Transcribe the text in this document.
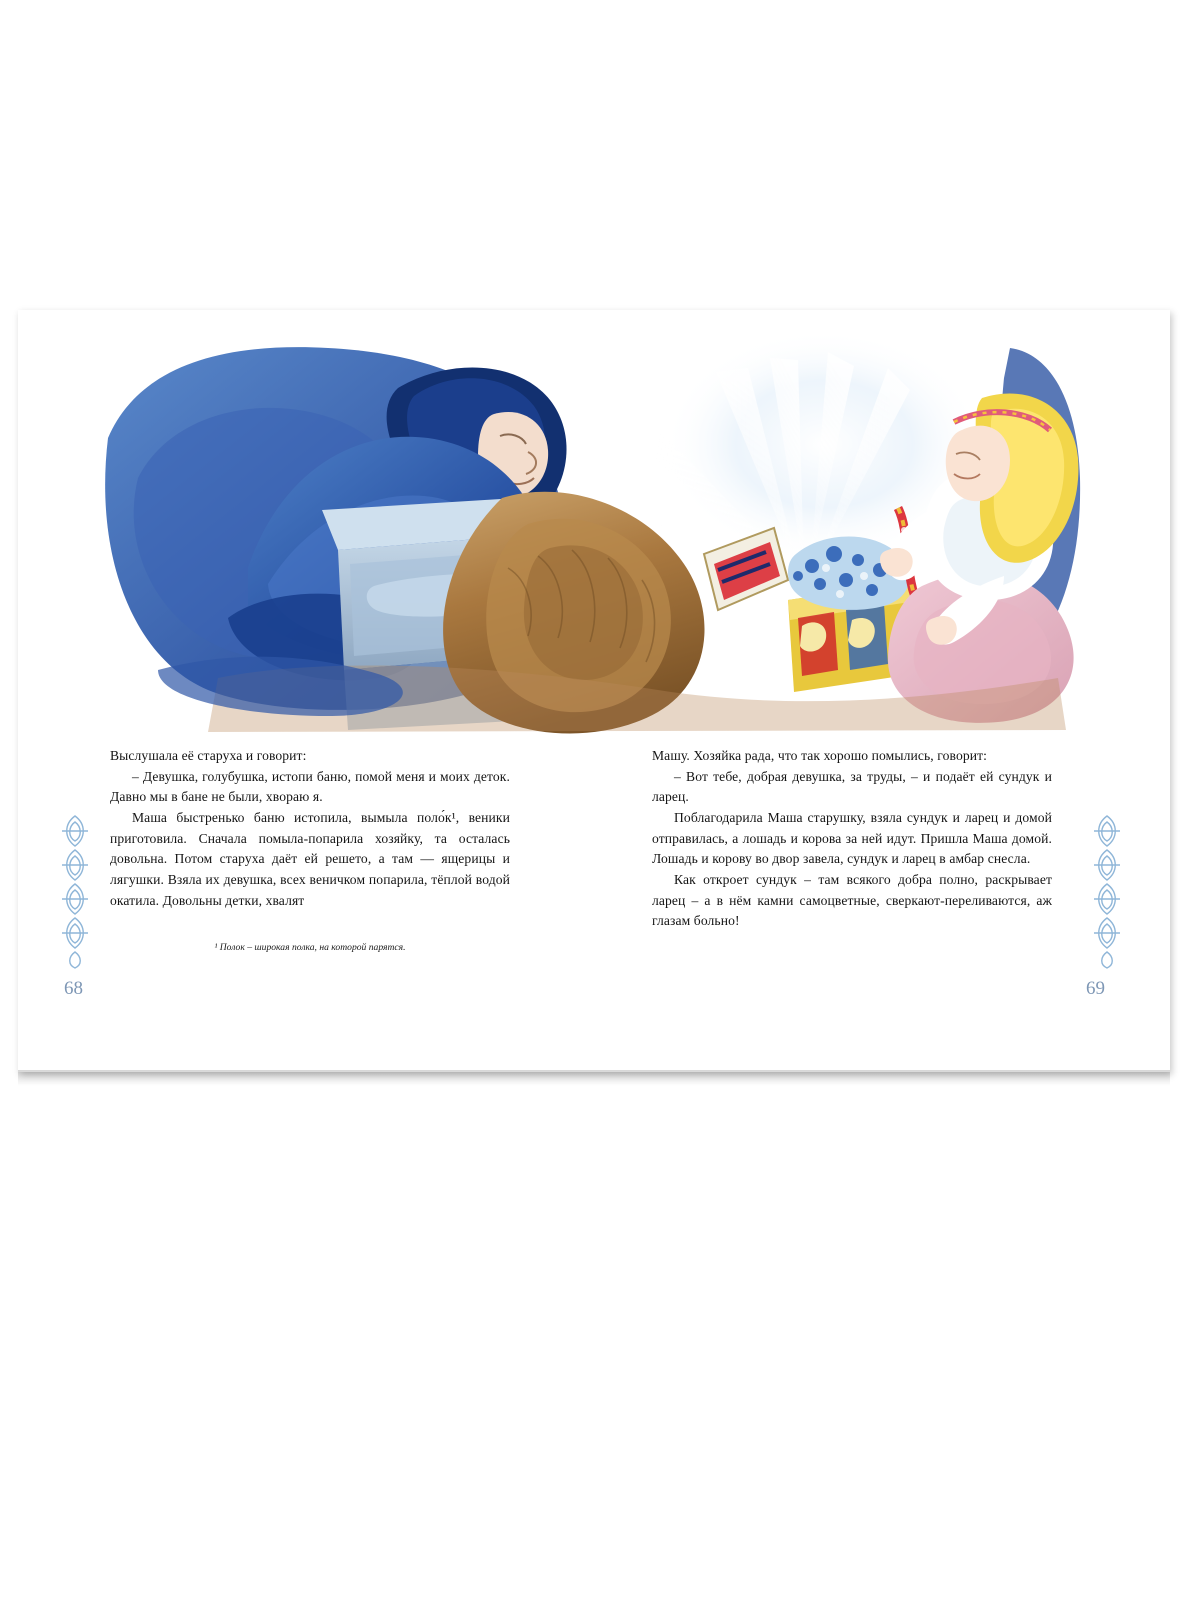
Выслушала её старуха и говорит:

– Девушка, голубушка, истопи баню, помой меня и моих деток. Давно мы в бане не были, хвораю я.

Маша быстренько баню истопила, вымыла поло́к¹, веники приготовила. Сначала помыла-попарила хозяйку, та осталась довольна. Потом старуха даёт ей решето, а там — ящерицы и лягушки. Взяла их девушка, всех веничком попарила, тёплой водой окатила. Довольны детки, хвалят

¹ Полок – широкая полка, на которой парятся.

Машу. Хозяйка рада, что так хорошо помылись, говорит:

– Вот тебе, добрая девушка, за труды, – и подаёт ей сундук и ларец.

Поблагодарила Маша старушку, взяла сундук и ларец и домой отправилась, а лошадь и корова за ней идут. Пришла Маша домой. Лошадь и корову во двор завела, сундук и ларец в амбар снесла.

Как откроет сундук – там всякого добра полно, раскрывает ларец – а в нём камни самоцветные, сверкают-переливаются, аж глазам больно!

68	69
